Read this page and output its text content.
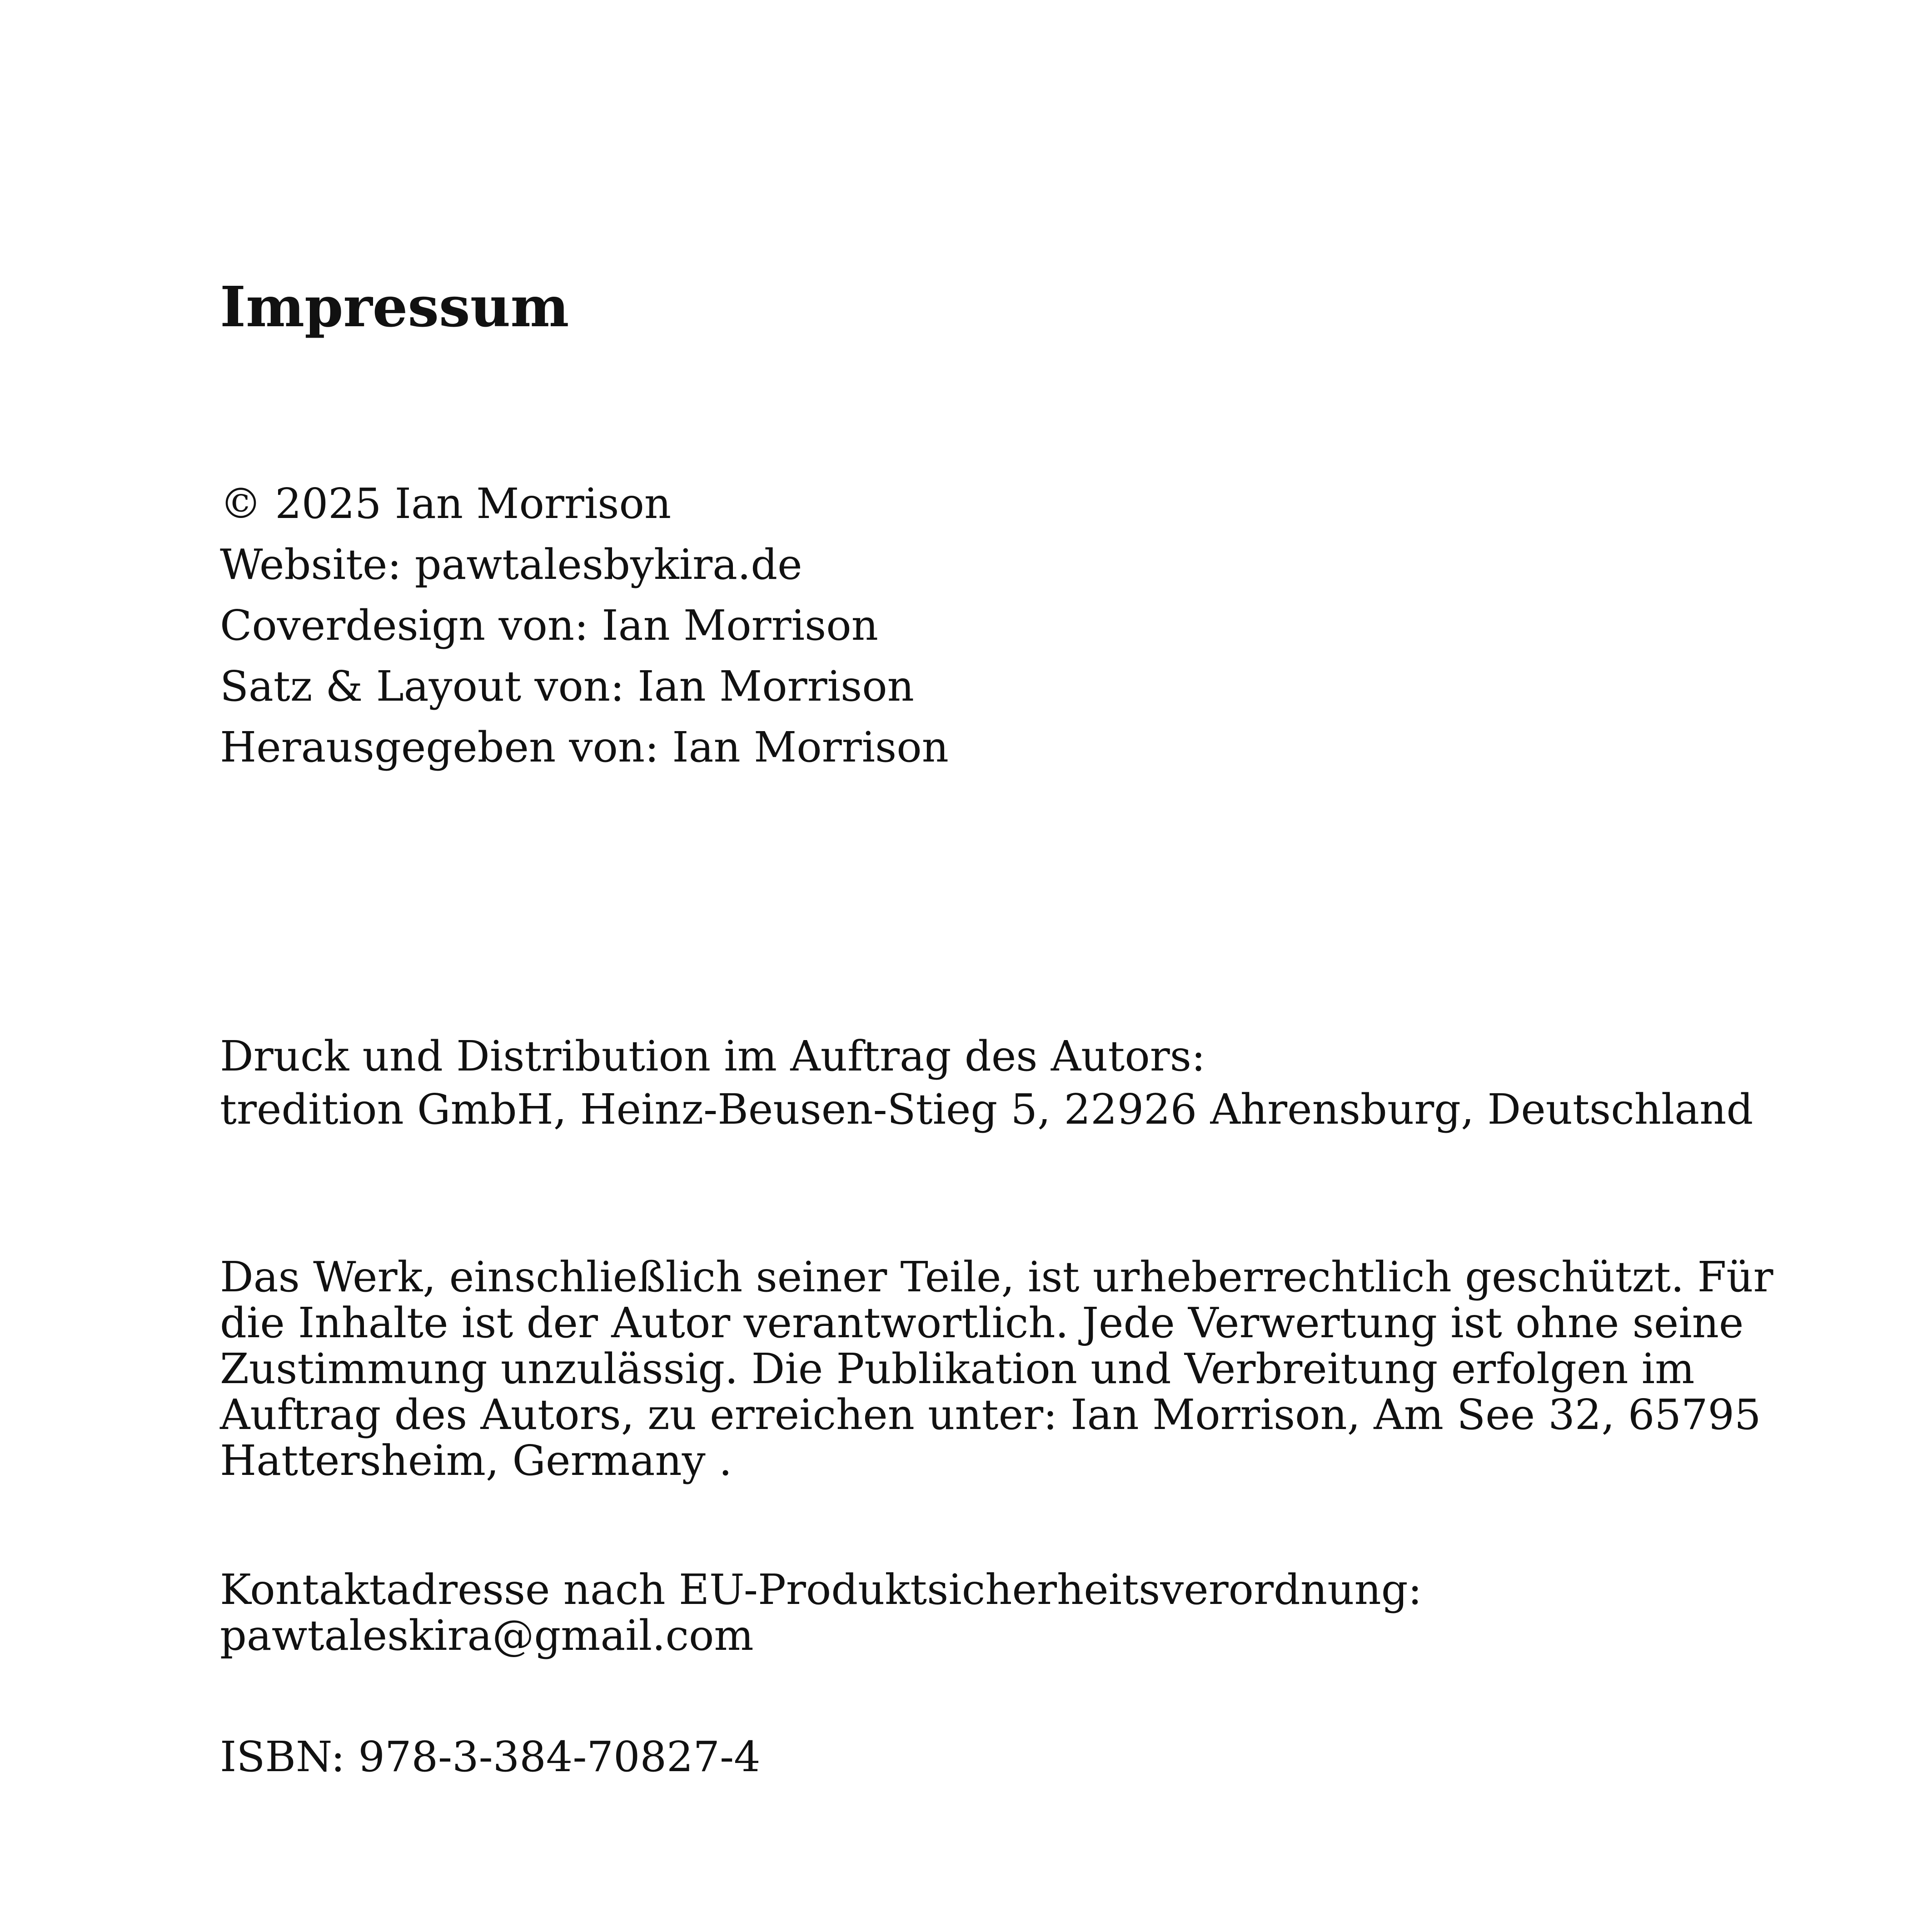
Impressum
© 2025 Ian Morrison
Website: pawtalesbykira.de
Coverdesign von: Ian Morrison
Satz & Layout von: Ian Morrison
Herausgegeben von: Ian Morrison
Druck und Distribution im Auftrag des Autors:
tredition GmbH, Heinz-Beusen-Stieg 5, 22926 Ahrensburg, Deutschland
Das Werk, einschließlich seiner Teile, ist urheberrechtlich geschützt. Für die Inhalte ist der Autor verantwortlich. Jede Verwertung ist ohne seine Zustimmung unzulässig. Die Publikation und Verbreitung erfolgen im Auftrag des Autors, zu erreichen unter: Ian Morrison, Am See 32, 65795 Hattersheim, Germany .
Kontaktadresse nach EU-Produktsicherheitsverordnung:
pawtaleskira@gmail.com
ISBN: 978-3-384-70827-4
